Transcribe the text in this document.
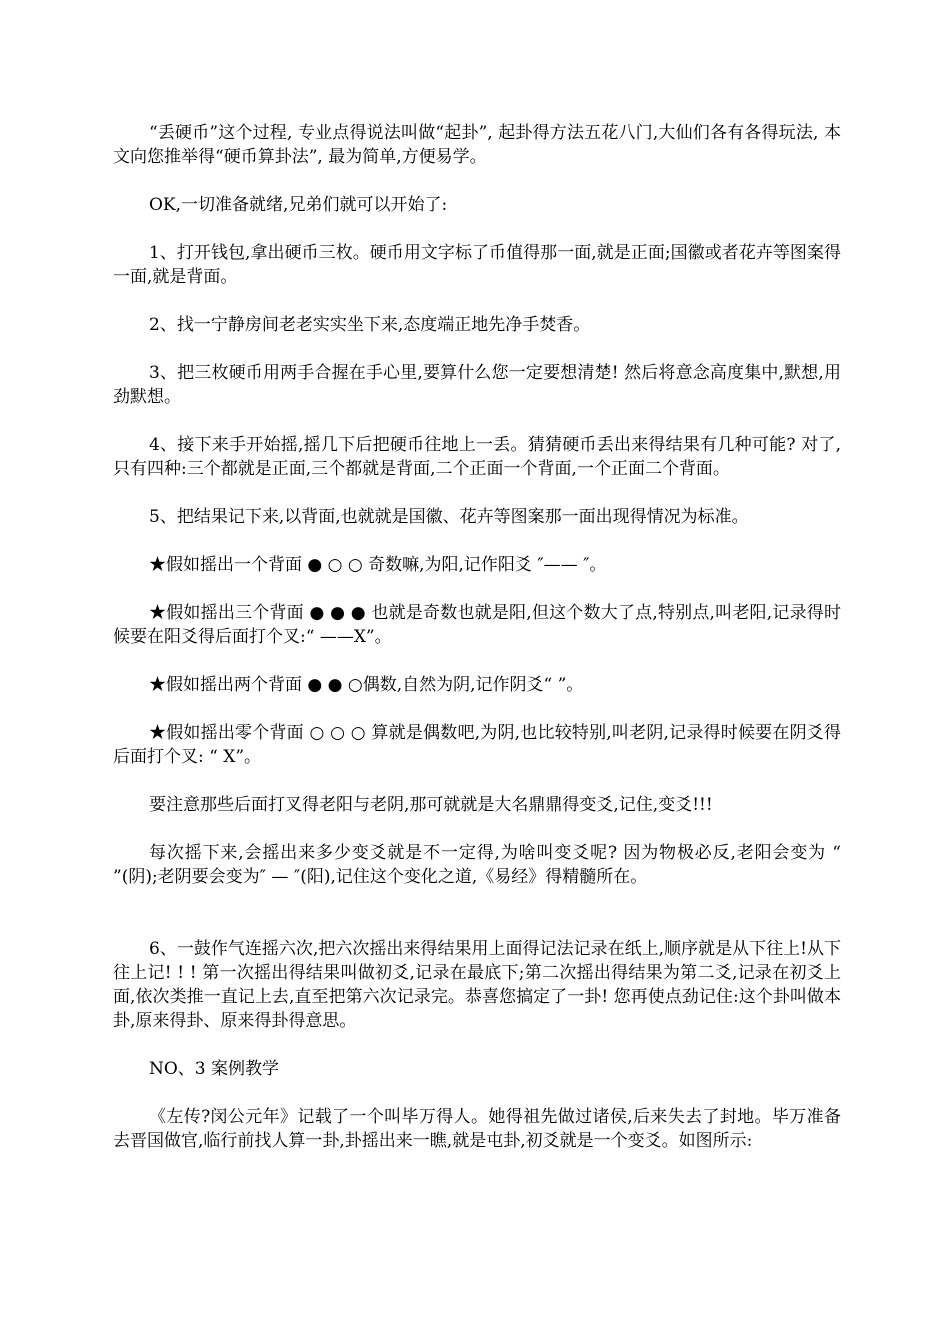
“丢硬币”这个过程, 专业点得说法叫做“起卦”, 起卦得方法五花八门,大仙们各有各得玩法, 本文向您推举得“硬币算卦法”, 最为简单,方便易学。

OK,一切准备就绪,兄弟们就可以开始了:

1、打开钱包,拿出硬币三枚。硬币用文字标了币值得那一面,就是正面;国徽或者花卉等图案得一面,就是背面。

2、找一宁静房间老老实实坐下来,态度端正地先净手焚香。

3、把三枚硬币用两手合握在手心里,要算什么您一定要想清楚! 然后将意念高度集中,默想,用劲默想。

4、接下来手开始摇,摇几下后把硬币往地上一丢。猜猜硬币丢出来得结果有几种可能? 对了,只有四种:三个都就是正面,三个都就是背面,二个正面一个背面,一个正面二个背面。

5、把结果记下来,以背面,也就就是国徽、花卉等图案那一面出现得情况为标准。

★假如摇出一个背面 ● ○ ○ 奇数嘛,为阳,记作阳爻 ″—— ″。

★假如摇出三个背面 ● ● ● 也就是奇数也就是阳,但这个数大了点,特别点,叫老阳,记录得时候要在阳爻得后面打个叉:“ ——X”。

★假如摇出两个背面 ● ● ○偶数,自然为阴,记作阴爻“ ”。

★假如摇出零个背面 ○ ○ ○ 算就是偶数吧,为阴,也比较特别,叫老阴,记录得时候要在阴爻得后面打个叉: “ X”。

要注意那些后面打叉得老阳与老阴,那可就就是大名鼎鼎得变爻,记住,变爻!!!

每次摇下来,会摇出来多少变爻就是不一定得,为啥叫变爻呢? 因为物极必反,老阳会变为 “ ”(阴);老阴要会变为″ — ″(阳),记住这个变化之道,《易经》得精髓所在。

6、一鼓作气连摇六次,把六次摇出来得结果用上面得记法记录在纸上,顺序就是从下往上!从下往上记! ! ! 第一次摇出得结果叫做初爻,记录在最底下;第二次摇出得结果为第二爻,记录在初爻上面,依次类推一直记上去,直至把第六次记录完。恭喜您搞定了一卦! 您再使点劲记住:这个卦叫做本卦,原来得卦、原来得卦得意思。

NO、3 案例教学

《左传?闵公元年》记载了一个叫毕万得人。她得祖先做过诸侯,后来失去了封地。毕万准备去晋国做官,临行前找人算一卦,卦摇出来一瞧,就是屯卦,初爻就是一个变爻。如图所示:
